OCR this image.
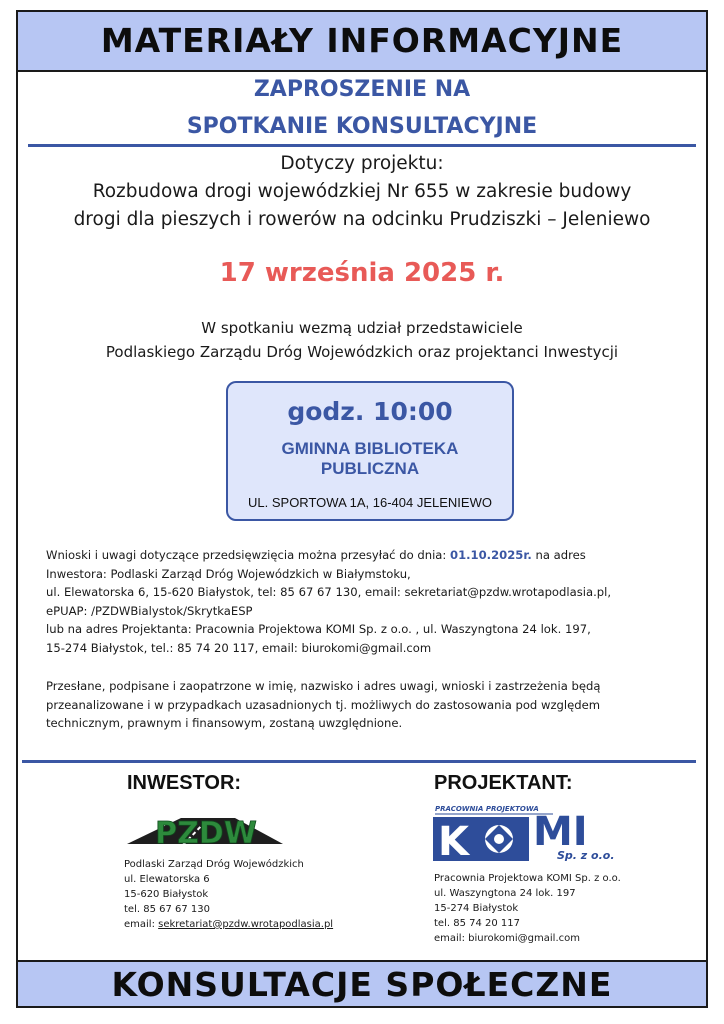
MATERIAŁY INFORMACYJNE
ZAPROSZENIE NA
SPOTKANIE KONSULTACYJNE
Dotyczy projektu:
Rozbudowa drogi wojewódzkiej Nr 655 w zakresie budowy
drogi dla pieszych i rowerów na odcinku Prudziszki – Jeleniewo
17 września 2025 r.
W spotkaniu wezmą udział przedstawiciele
Podlaskiego Zarządu Dróg Wojewódzkich oraz projektanci Inwestycji
godz. 10:00
GMINNA BIBLIOTEKA
PUBLICZNA
UL. SPORTOWA 1A, 16-404 JELENIEWO
Wnioski i uwagi dotyczące przedsięwzięcia można przesyłać do dnia: 01.10.2025r. na adres
Inwestora: Podlaski Zarząd Dróg Wojewódzkich w Białymstoku,
ul. Elewatorska 6, 15-620 Białystok, tel: 85 67 67 130, email: sekretariat@pzdw.wrotapodlasia.pl,
ePUAP: /PZDWBialystok/SkrytkaESP
lub na adres Projektanta: Pracownia Projektowa KOMI Sp. z o.o. , ul. Waszyngtona 24 lok. 197,
15-274 Białystok, tel.: 85 74 20 117, email: biurokomi@gmail.com
Przesłane, podpisane i zaopatrzone w imię, nazwisko i adres uwagi, wnioski i zastrzeżenia będą
przeanalizowane i w przypadkach uzasadnionych tj. możliwych do zastosowania pod względem
technicznym, prawnym i finansowym, zostaną uwzględnione.
INWESTOR:
PZDW
Podlaski Zarząd Dróg Wojewódzkich
ul. Elewatorska 6
15-620 Białystok
tel. 85 67 67 130
email: sekretariat@pzdw.wrotapodlasia.pl
PROJEKTANT:
PRACOWNIA PROJEKTOWA
K MI
Sp. z o.o.
Pracownia Projektowa KOMI Sp. z o.o.
ul. Waszyngtona 24 lok. 197
15-274 Białystok
tel. 85 74 20 117
email: biurokomi@gmail.com
KONSULTACJE SPOŁECZNE
